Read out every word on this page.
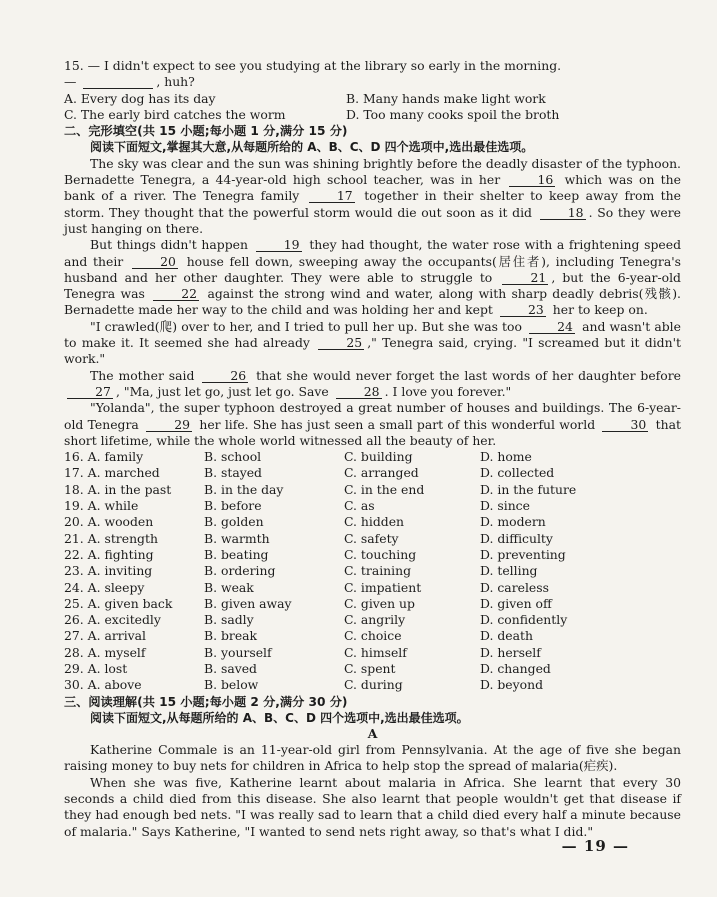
15. — I didn't expect to see you studying at the library so early in the morning.
—	, huh?
A. Every dog has its day	B. Many hands make light work
C. The early bird catches the worm	D. Too many cooks spoil the broth
二、完形填空(共 15 小题;每小题 1 分,满分 15 分)
阅读下面短文,掌握其大意,从每题所给的 A、B、C、D 四个选项中,选出最佳选项。
The sky was clear and the sun was shining brightly before the deadly disaster of the typhoon. Bernadette Tenegra, a 44-year-old high school teacher, was in her	16 which was on the bank of a river. The Tenegra family	17 together in their shelter to keep away from the storm. They thought that the powerful storm would die out soon as it did	18 . So they were just hanging on there.
But things didn't happen	19 they had thought, the water rose with a frightening speed and their	20 house fell down, sweeping away the occupants(居住者), including Tenegra's husband and her other daughter. They were able to struggle to	21 , but the 6-year-old Tenegra was	22 against the strong wind and water, along with sharp deadly debris(残骸). Bernadette made her way to the child and was holding her and kept	23 her to keep on.
"I crawled(爬) over to her, and I tried to pull her up. But she was too	24 and wasn't able to make it. It seemed she had already	25 ," Tenegra said, crying. "I screamed but it didn't work."
The mother said	26 that she would never forget the last words of her daughter before 27 , "Ma, just let go, just let go. Save	28 . I love you forever."
"Yolanda", the super typhoon destroyed a great number of houses and buildings. The 6-year- old Tenegra	29 her life. She has just seen a small part of this wonderful world	30 that short lifetime, while the whole world witnessed all the beauty of her.
16. A. family	B. school	C. building	D. home
17. A. marched	B. stayed	C. arranged	D. collected
18. A. in the past	B. in the day	C. in the end	D. in the future
19. A. while	B. before	C. as	D. since
20. A. wooden	B. golden	C. hidden	D. modern
21. A. strength	B. warmth	C. safety	D. difficulty
22. A. fighting	B. beating	C. touching	D. preventing
23. A. inviting	B. ordering	C. training	D. telling
24. A. sleepy	B. weak	C. impatient	D. careless
25. A. given back	B. given away	C. given up	D. given off
26. A. excitedly	B. sadly	C. angrily	D. confidently
27. A. arrival	B. break	C. choice	D. death
28. A. myself	B. yourself	C. himself	D. herself
29. A. lost	B. saved	C. spent	D. changed
30. A. above	B. below	C. during	D. beyond
三、阅读理解(共 15 小题;每小题 2 分,满分 30 分)
阅读下面短文,从每题所给的 A、B、C、D 四个选项中,选出最佳选项。
A
Katherine Commale is an 11-year-old girl from Pennsylvania. At the age of five she began raising money to buy nets for children in Africa to help stop the spread of malaria(疟疾).
When she was five, Katherine learnt about malaria in Africa. She learnt that every 30 seconds a child died from this disease. She also learnt that people wouldn't get that disease if they had enough bed nets. "I was really sad to learn that a child died every half a minute because of malaria." Says Katherine, "I wanted to send nets right away, so that's what I did."
— 19 —
